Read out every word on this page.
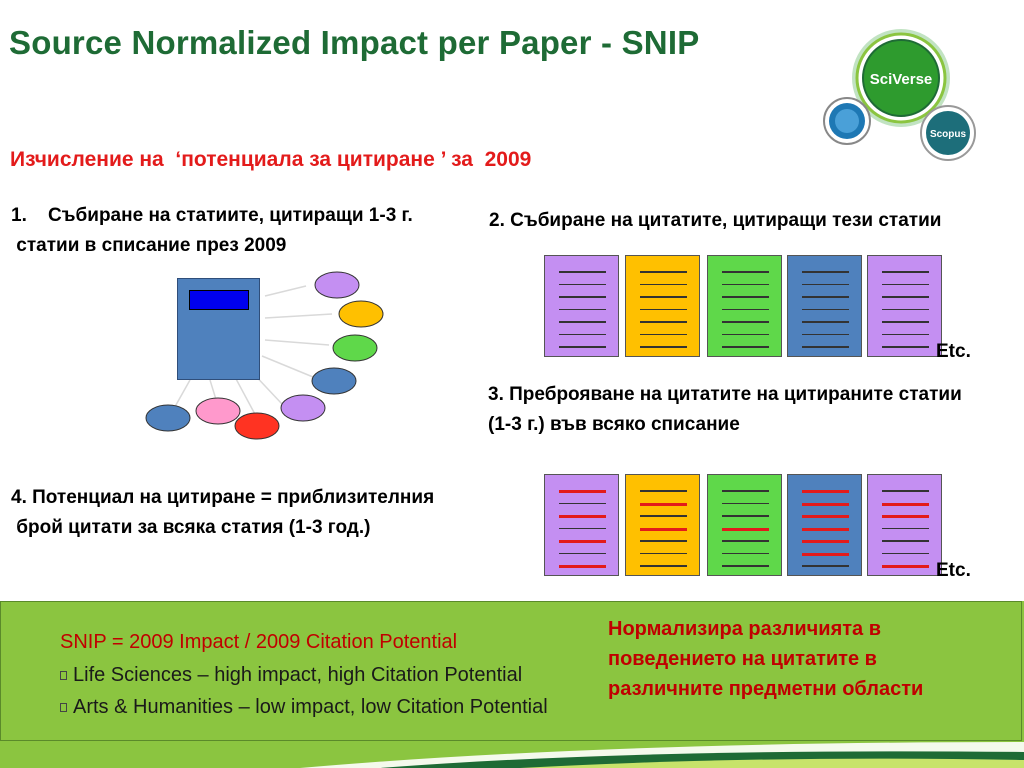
Source Normalized Impact per Paper - SNIP
SciVerse
Scopus
Изчисление на  ‘потенциала за цитиране ’ за  2009
1.    Събиране на статиите, цитиращи 1-3 г.
статии в списание през 2009
2. Събиране на цитатите, цитиращи тези статии
3. Преброяване на цитатите на цитираните статии
(1-3 г.) във всяко списание
4. Потенциал на цитиране = приблизителния
брой цитати за всяка статия (1-3 год.)
Etc.
Etc.
SNIP = 2009 Impact / 2009 Citation Potential
Life Sciences – high impact, high Citation Potential
Arts & Humanities – low impact, low Citation Potential
Нормализира различията в
поведението на цитатите в
различните предметни области
